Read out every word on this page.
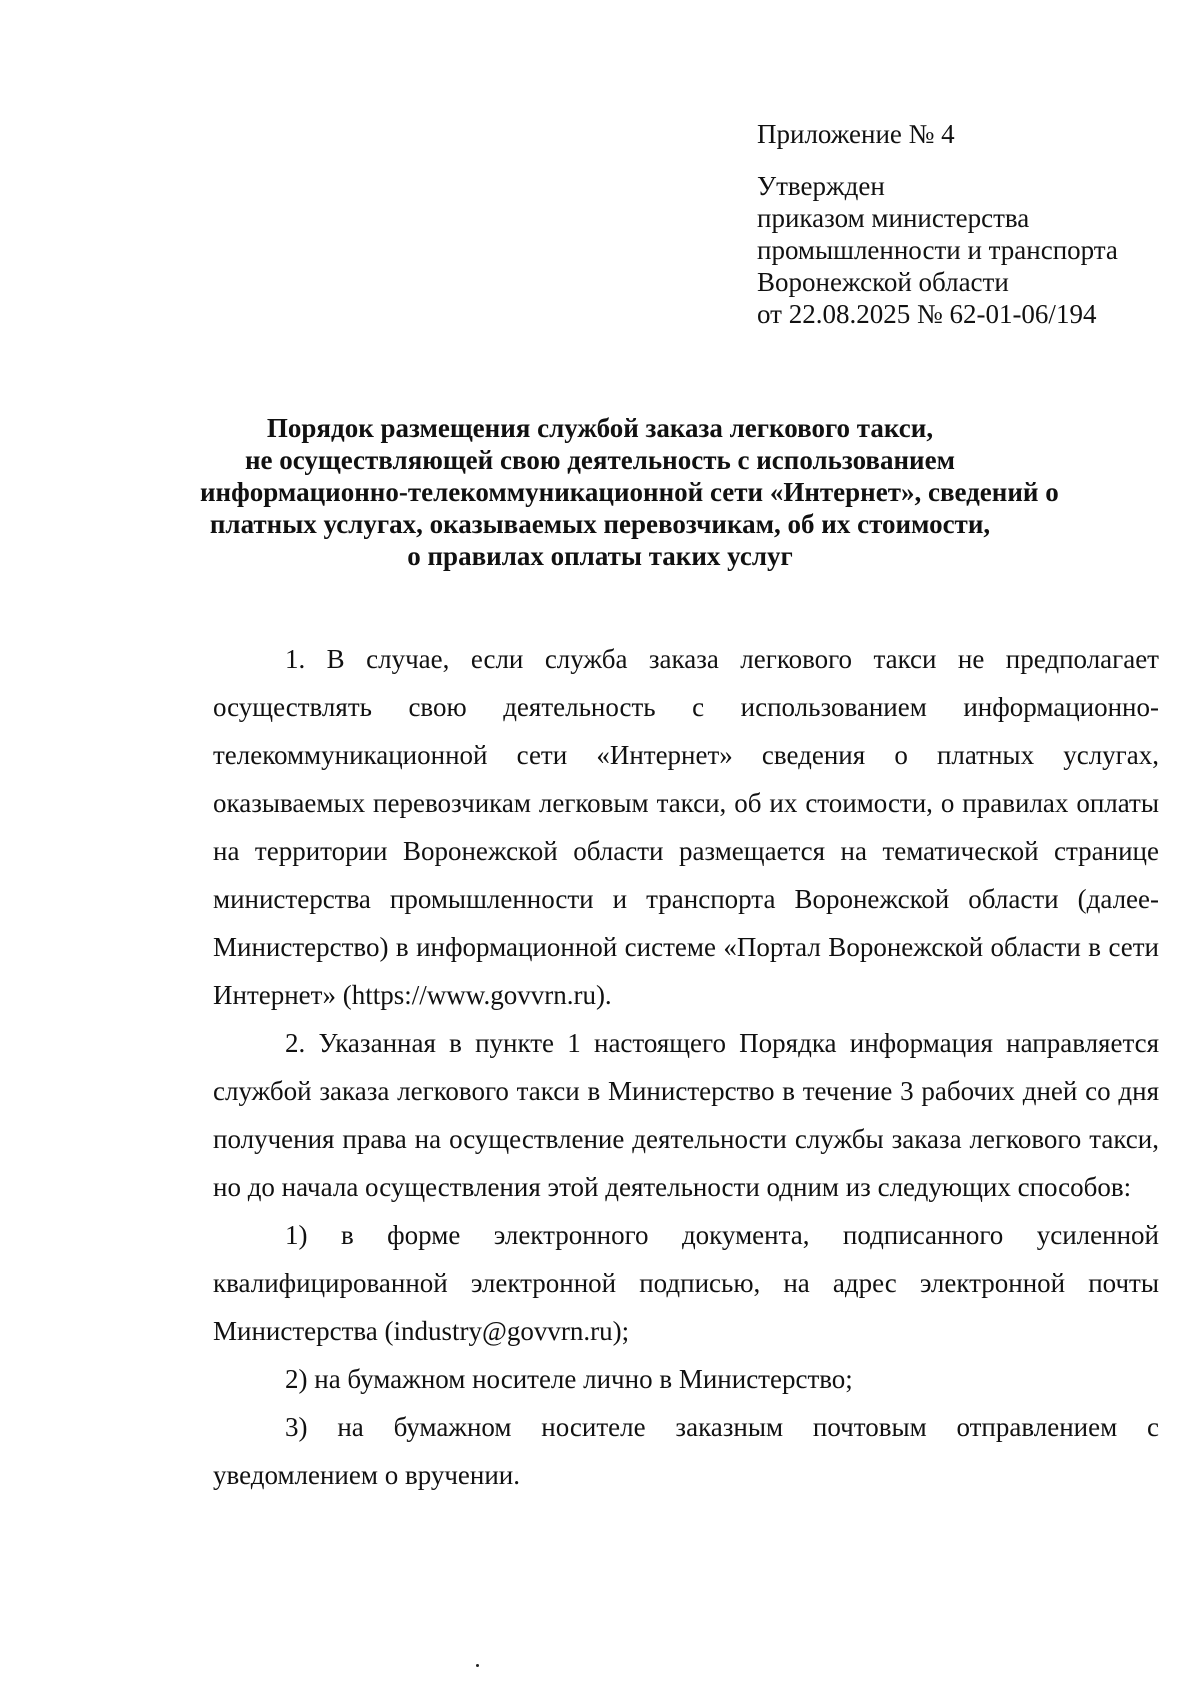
Приложение № 4
Утвержден
приказом министерства
промышленности и транспорта
Воронежской области
от 22.08.2025 № 62-01-06/194
Порядок размещения службой заказа легкового такси,
не осуществляющей свою деятельность с использованием
информационно-телекоммуникационной сети «Интернет», сведений о
платных услугах, оказываемых перевозчикам, об их стоимости,
о правилах оплаты таких услуг

1. В случае, если служба заказа легкового такси не предполагает осуществлять свою деятельность с использованием информационно-телекоммуникационной сети «Интернет» сведения о платных услугах, оказываемых перевозчикам легковым такси, об их стоимости, о правилах оплаты на территории Воронежской области размещается на тематической странице министерства промышленности и транспорта Воронежской области (далее- Министерство) в информационной системе «Портал Воронежской области в сети Интернет» (https://www.govvrn.ru).

2. Указанная в пункте 1 настоящего Порядка информация направляется службой заказа легкового такси в Министерство в течение 3 рабочих дней со дня получения права на осуществление деятельности службы заказа легкового такси, но до начала осуществления этой деятельности одним из следующих способов:

1) в форме электронного документа, подписанного усиленной квалифицированной электронной подписью, на адрес электронной почты Министерства (industry@govvrn.ru);

2) на бумажном носителе лично в Министерство;

3) на бумажном носителе заказным почтовым отправлением с уведомлением о вручении.
